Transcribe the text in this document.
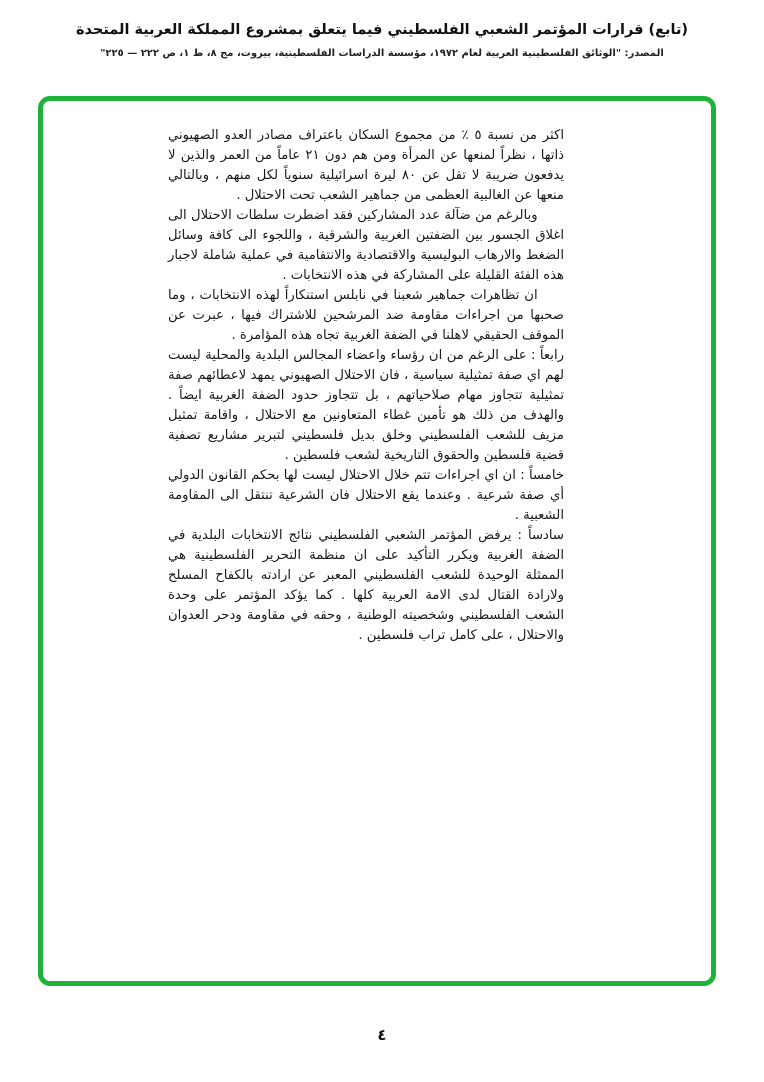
(تابع) قرارات المؤتمر الشعبي الفلسطيني فيما يتعلق بمشروع المملكة العربية المتحدة
المصدر: "الوثائق الفلسطينية العربية لعام ١٩٧٢، مؤسسة الدراسات الفلسطينية، بيروت، مج ٨، ط ١، ص ٢٢٢ — ٢٢٥"

اكثر من نسبة ٥ ٪ من مجموع السكان باعتراف مصادر العدو الصهيوني ذاتها ، نظراً لمنعها عن المرأة ومن هم دون ٢١ عاماً من العمر والذين لا يدفعون ضريبة لا تقل عن ٨٠ ليرة اسرائيلية سنوياً لكل منهم ، وبالتالي منعها عن الغالبية العظمى من جماهير الشعب تحت الاحتلال .

وبالرغم من ضآلة عدد المشاركين فقد اضطرت سلطات الاحتلال الى اغلاق الجسور بين الضفتين الغربية والشرقية ، واللجوء الى كافة وسائل الضغط والارهاب البوليسية والاقتصادية والانتقامية في عملية شاملة لاجبار هذه الفئة القليلة على المشاركة في هذه الانتخابات .

ان تظاهرات جماهير شعبنا في نابلس استنكاراً لهذه الانتخابات ، وما صحبها من اجراءات مقاومة ضد المرشحين للاشتراك فيها ، عبرت عن الموقف الحقيقي لاهلنا في الضفة الغربية تجاه هذه المؤامرة .

رابعاً : على الرغم من ان رؤساء واعضاء المجالس البلدية والمحلية ليست لهم اي صفة تمثيلية سياسية ، فان الاحتلال الصهيوني يمهد لاعطائهم صفة تمثيلية تتجاوز مهام صلاحياتهم ، بل تتجاوز حدود الضفة الغربية ايضاً . والهدف من ذلك هو تأمين غطاء المتعاونين مع الاحتلال ، واقامة تمثيل مزيف للشعب الفلسطيني وخلق بديل فلسطيني لتبرير مشاريع تصفية قضية فلسطين والحقوق التاريخية لشعب فلسطين .

خامساً : ان اي اجراءات تتم خلال الاحتلال ليست لها بحكم القانون الدولي أي صفة شرعية . وعندما يقع الاحتلال فان الشرعية تنتقل الى المقاومة الشعبية .

سادساً : يرفض المؤتمر الشعبي الفلسطيني نتائج الانتخابات البلدية في الضفة الغربية ويكرر التأكيد على ان منظمة التحرير الفلسطينية هي الممثلة الوحيدة للشعب الفلسطيني المعبر عن ارادته بالكفاح المسلح ولارادة القتال لدى الامة العربية كلها . كما يؤكد المؤتمر على وحدة الشعب الفلسطيني وشخصيته الوطنية ، وحقه في مقاومة ودحر العدوان والاحتلال ، على كامل تراب فلسطين .

٤
